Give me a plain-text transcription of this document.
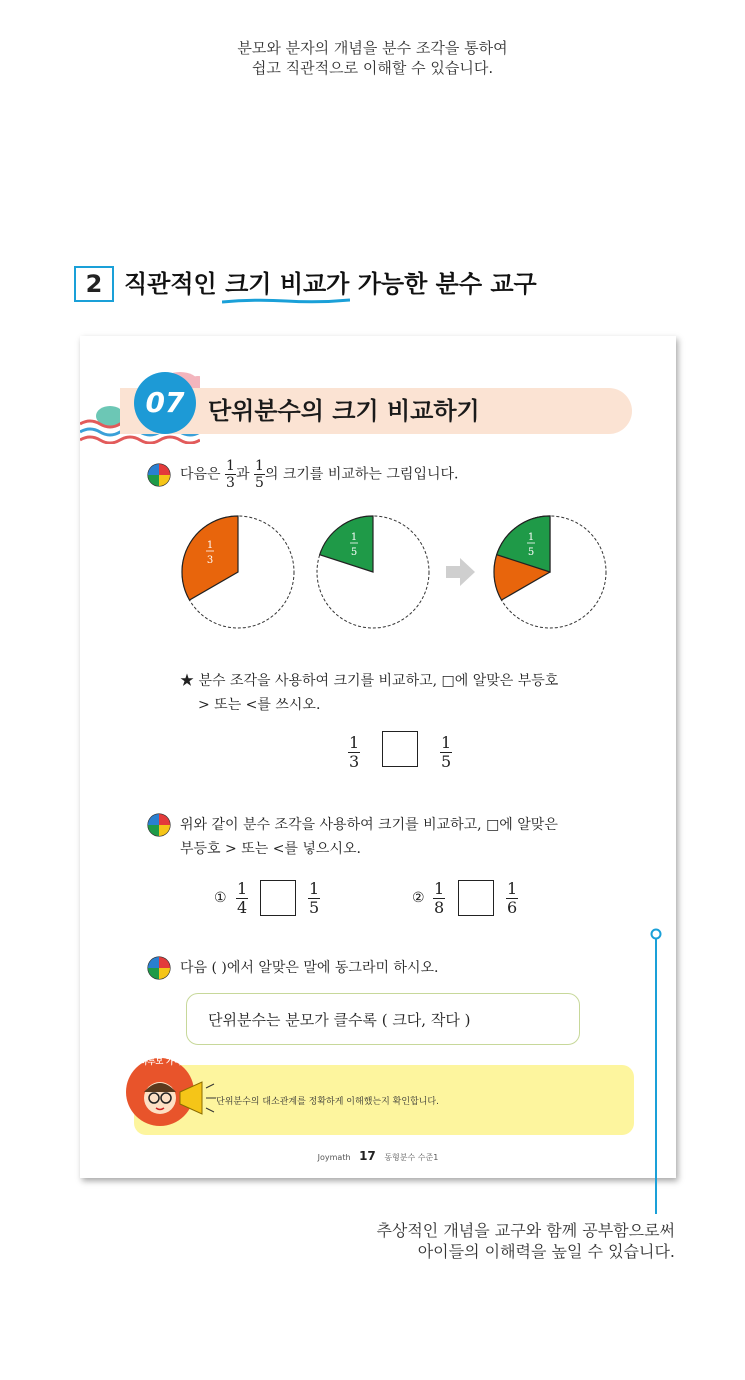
분모와 분자의 개념을 분수 조각을 통하여
쉽고 직관적으로 이해할 수 있습니다.
2 직관적인 크기 비교가 가능한 분수 교구
07 단위분수의 크기 비교하기
다음은 $\frac{1}{3}$ 과 $\frac{1}{5}$ 의 크기를 비교하는 그림입니다.
1
3
1
5
1
5
★ 분수 조각을 사용하여 크기를 비교하고, □에 알맞은 부등호
> 또는 <를 쓰시오.
$\frac{1}{3}$	$\frac{1}{5}$
위와 같이 분수 조각을 사용하여 크기를 비교하고, □에 알맞은
부등호 > 또는 <를 넣으시오.
① $\frac{1}{4}$	$\frac{1}{5}$	② $\frac{1}{8}$	$\frac{1}{6}$
다음 ( )에서 알맞은 말에 동그라미 하시오.
단위분수는 분모가 클수록 ( 크다, 작다 )
하루모 가이드
단위분수의 대소관계를 정확하게 이해했는지 확인합니다.
Joymath 17 동형분수 수준1
추상적인 개념을 교구와 함께 공부함으로써
아이들의 이해력을 높일 수 있습니다.
